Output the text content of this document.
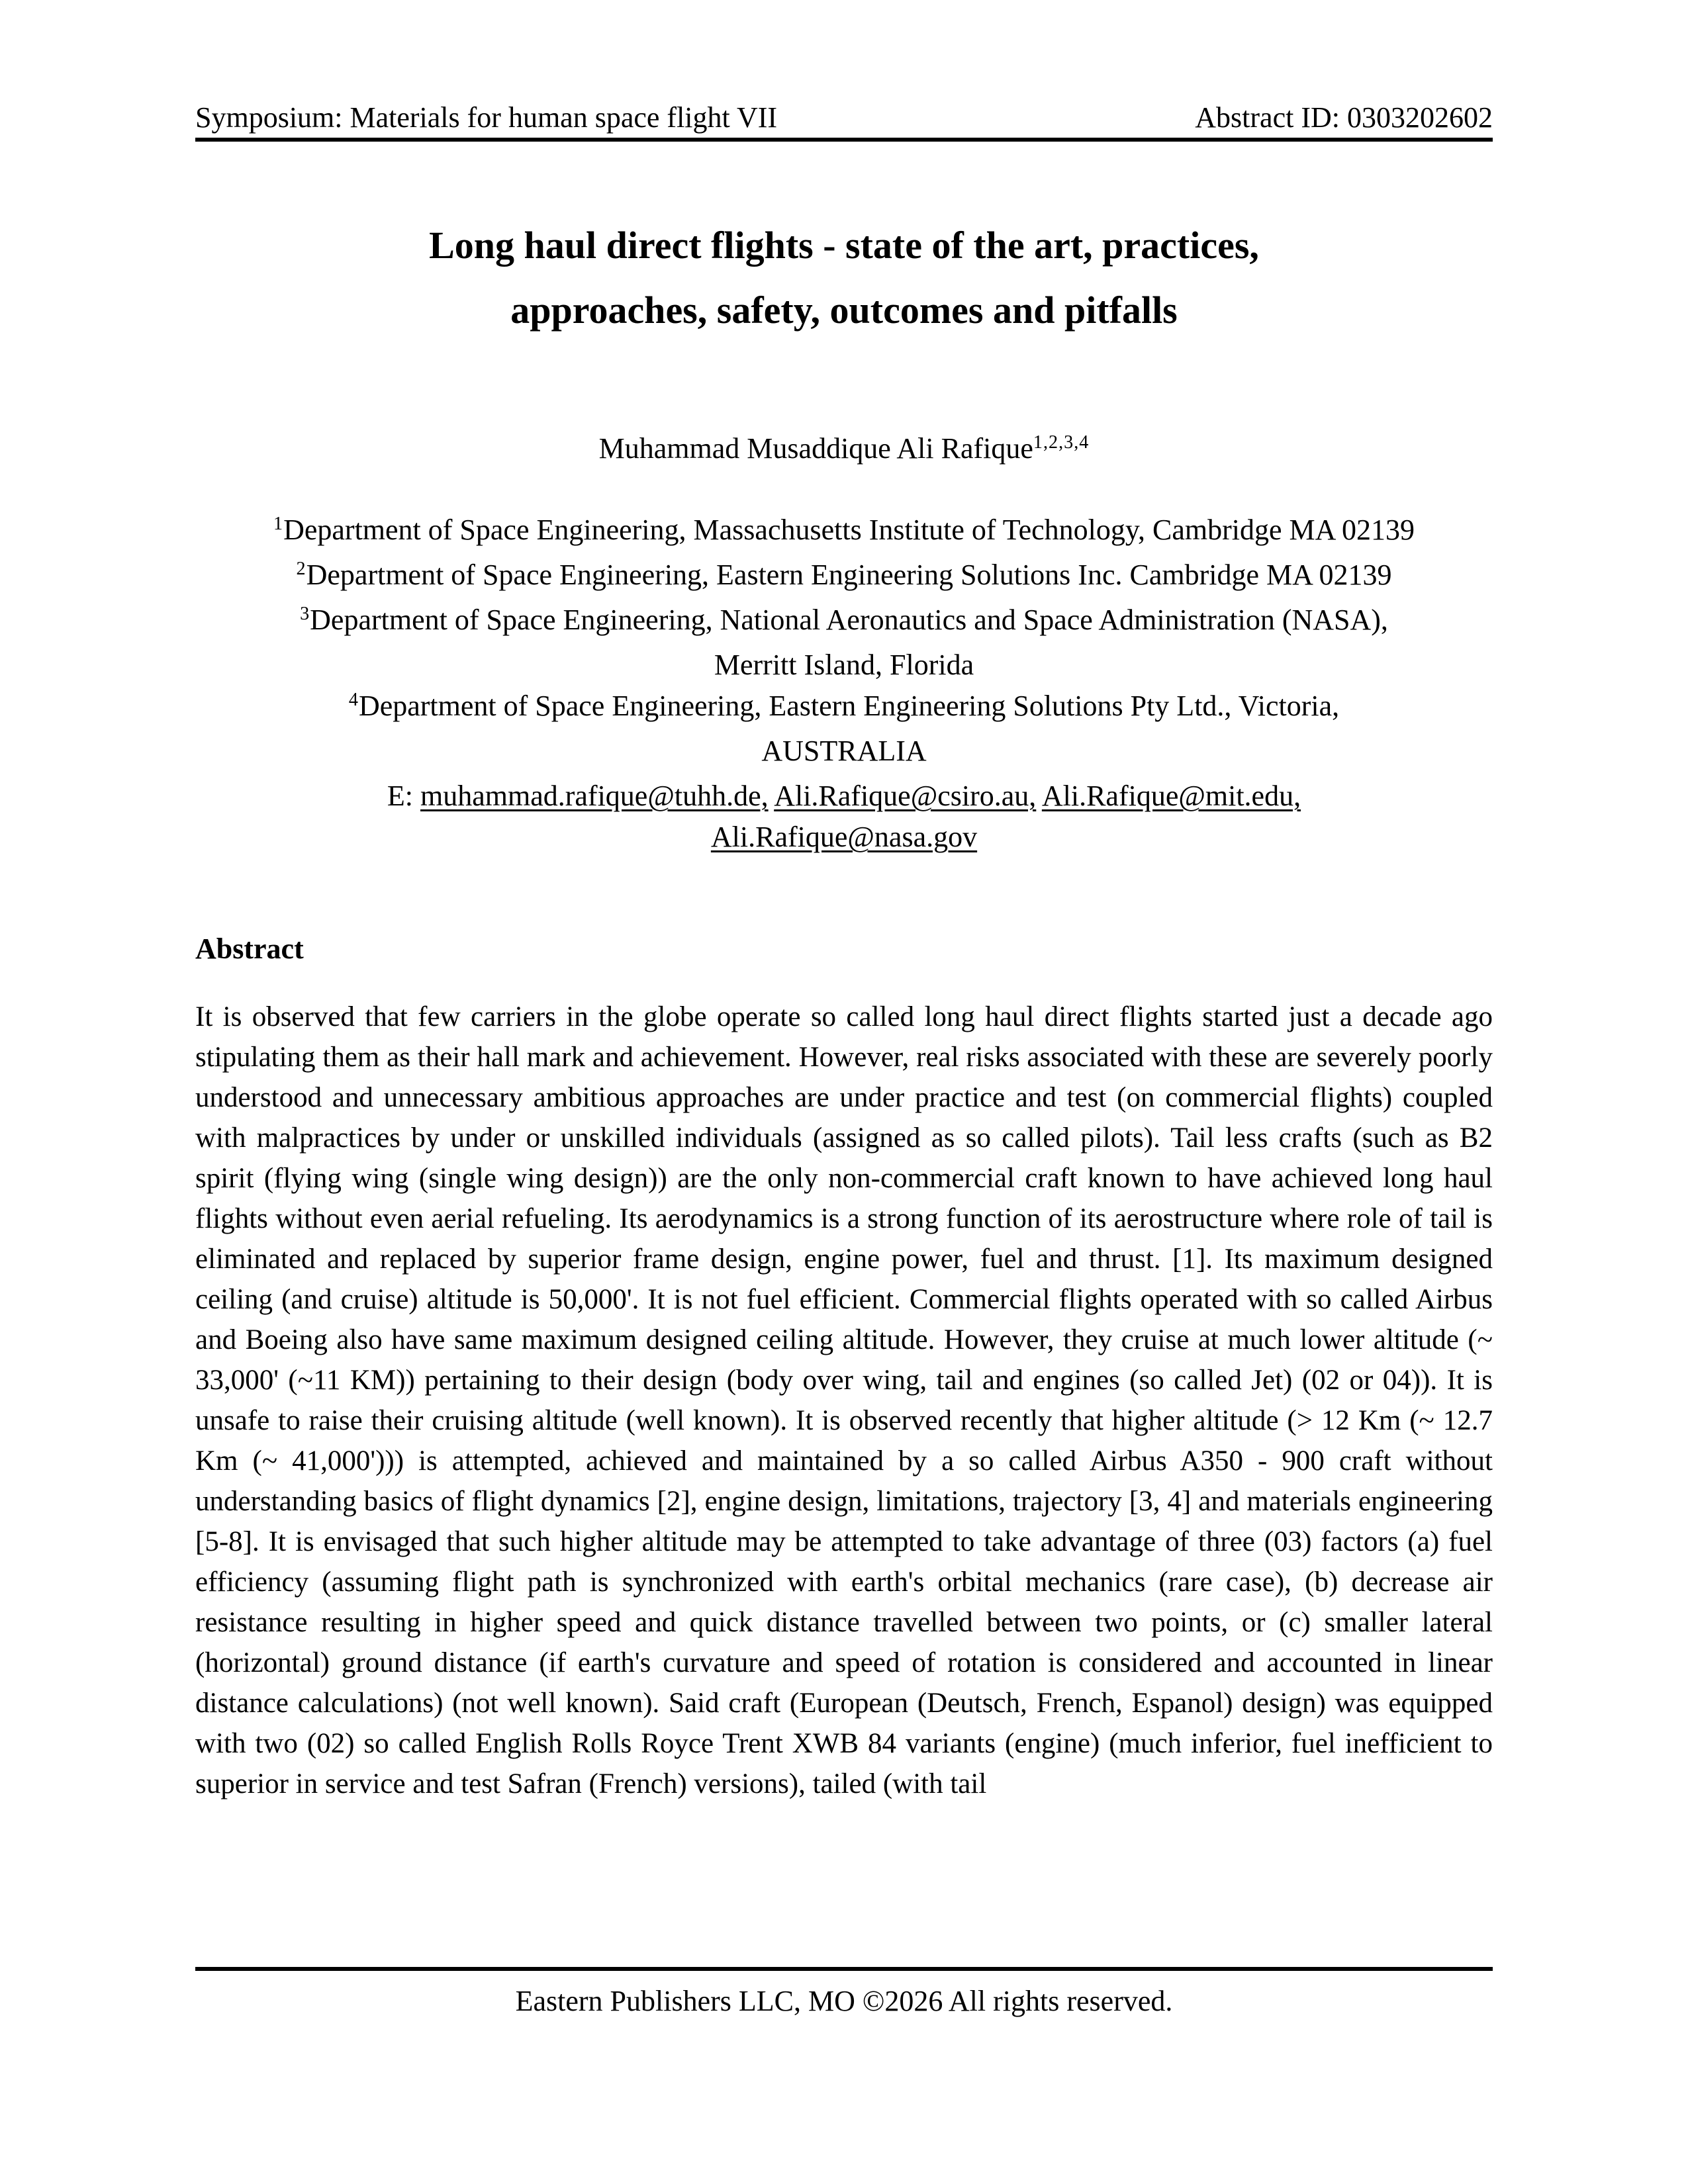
Symposium: Materials for human space flight VII	Abstract ID: 0303202602
Long haul direct flights - state of the art, practices,
approaches, safety, outcomes and pitfalls
Muhammad Musaddique Ali Rafique$^{1,2,3,4}$
$^1$Department of Space Engineering, Massachusetts Institute of Technology, Cambridge MA 02139
$^2$Department of Space Engineering, Eastern Engineering Solutions Inc. Cambridge MA 02139
$^3$Department of Space Engineering, National Aeronautics and Space Administration (NASA),
Merritt Island, Florida
$^4$Department of Space Engineering, Eastern Engineering Solutions Pty Ltd., Victoria,
AUSTRALIA
E: muhammad.rafique@tuhh.de, Ali.Rafique@csiro.au, Ali.Rafique@mit.edu,
Ali.Rafique@nasa.gov
Abstract
It is observed that few carriers in the globe operate so called long haul direct flights started just a decade ago stipulating them as their hall mark and achievement. However, real risks associated with these are severely poorly understood and unnecessary ambitious approaches are under practice and test (on commercial flights) coupled with malpractices by under or unskilled individuals (assigned as so called pilots). Tail less crafts (such as B2 spirit (flying wing (single wing design)) are the only non-commercial craft known to have achieved long haul flights without even aerial refueling. Its aerodynamics is a strong function of its aerostructure where role of tail is eliminated and replaced by superior frame design, engine power, fuel and thrust. [1]. Its maximum designed ceiling (and cruise) altitude is 50,000'. It is not fuel efficient. Commercial flights operated with so called Airbus and Boeing also have same maximum designed ceiling altitude. However, they cruise at much lower altitude (~ 33,000' (~11 KM)) pertaining to their design (body over wing, tail and engines (so called Jet) (02 or 04)). It is unsafe to raise their cruising altitude (well known). It is observed recently that higher altitude (> 12 Km (~ 12.7 Km (~ 41,000'))) is attempted, achieved and maintained by a so called Airbus A350 - 900 craft without understanding basics of flight dynamics [2], engine design, limitations, trajectory [3, 4] and materials engineering [5-8]. It is envisaged that such higher altitude may be attempted to take advantage of three (03) factors (a) fuel efficiency (assuming flight path is synchronized with earth's orbital mechanics (rare case), (b) decrease air resistance resulting in higher speed and quick distance travelled between two points, or (c) smaller lateral (horizontal) ground distance (if earth's curvature and speed of rotation is considered and accounted in linear distance calculations) (not well known). Said craft (European (Deutsch, French, Espanol) design) was equipped with two (02) so called English Rolls Royce Trent XWB 84 variants (engine) (much inferior, fuel inefficient to superior in service and test Safran (French) versions), tailed (with tail
Eastern Publishers LLC, MO ©2026 All rights reserved.
